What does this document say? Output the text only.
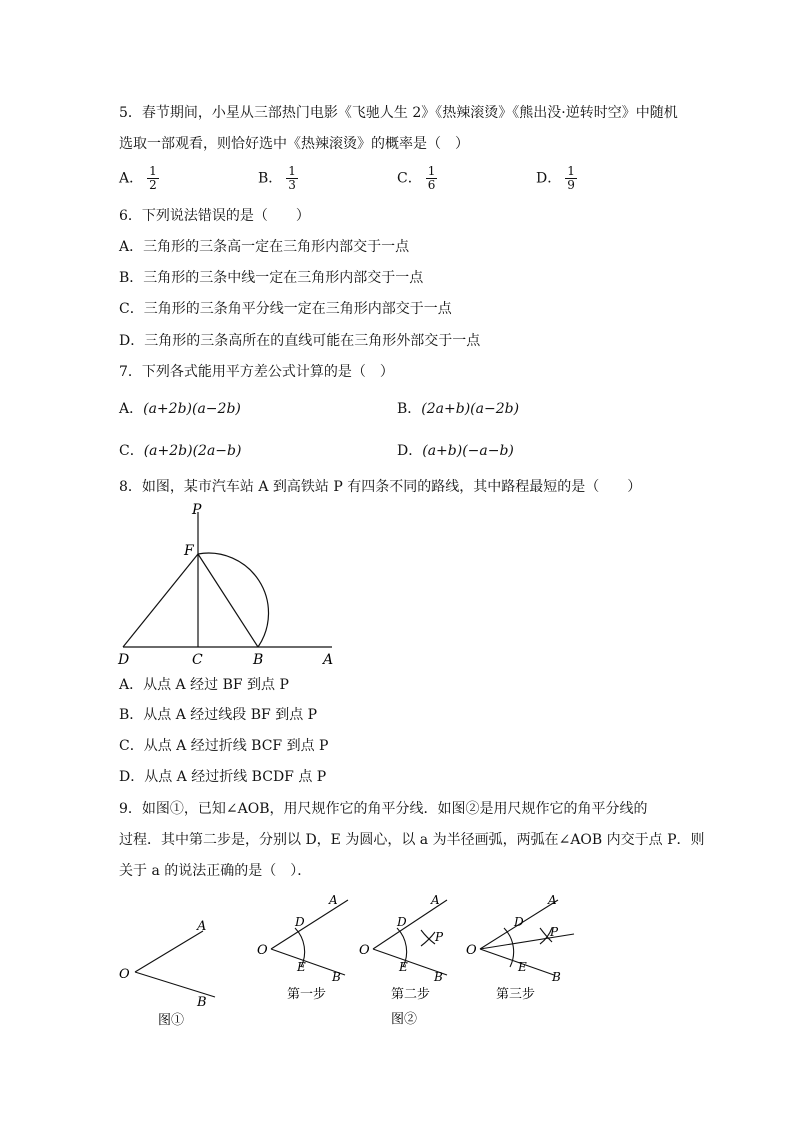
5．春节期间，小星从三部热门电影《飞驰人生 2》《热辣滚烫》《熊出没·逆转时空》中随机
选取一部观看，则恰好选中《热辣滚烫》的概率是（　）
A． $\frac{1}{2}$	B． $\frac{1}{3}$	C． $\frac{1}{6}$	D． $\frac{1}{9}$
6．下列说法错误的是（　　）
A．三角形的三条高一定在三角形内部交于一点
B．三角形的三条中线一定在三角形内部交于一点
C．三角形的三条角平分线一定在三角形内部交于一点
D．三角形的三条高所在的直线可能在三角形外部交于一点
7．下列各式能用平方差公式计算的是（　）
A．(a+2b)(a−2b)	B．(2a+b)(a−2b)
C．(a+2b)(2a−b)	D．(a+b)(−a−b)
8．如图，某市汽车站 A 到高铁站 P 有四条不同的路线，其中路程最短的是（　　）
P
F
D	C	B	A
A．从点 A 经过 BF 到点 P
B．从点 A 经过线段 BF 到点 P
C．从点 A 经过折线 BCF 到点 P
D．从点 A 经过折线 BCDF 点 P
9．如图①，已知∠AOB，用尺规作它的角平分线．如图②是用尺规作它的角平分线的
过程．其中第二步是，分别以 D，E 为圆心，以 a 为半径画弧，两弧在∠AOB 内交于点 P．则
关于 a 的说法正确的是（　）．
O
A
B
图①
O
A
D
E
B
第一步
O
A
D
E
B
P
第二步
图②
O
A
D
E
B
P
第三步
